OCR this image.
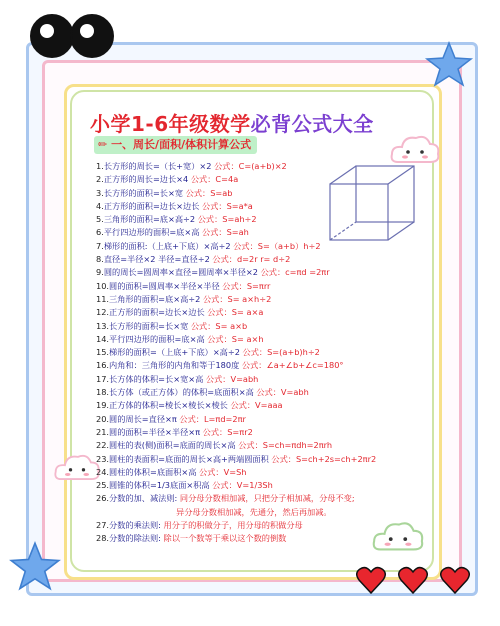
小学1-6年级数学必背公式大全
✏ 一、周长/面积/体积计算公式
1.长方形的周长=（长+宽）×2 公式：C=(a+b)×2
2.正方形的周长=边长×4 公式：C=4a
3.长方形的面积=长×宽 公式：S=ab
4.正方形的面积=边长×边长 公式：S=a*a
5.三角形的面积=底×高÷2 公式：S=ah÷2
6.平行四边形的面积=底×高 公式：S=ah
7.梯形的面积:（上底+下底）×高÷2 公式：S=（a+b）h÷2
8.直径=半径×2 半径=直径÷2 公式：d=2r r= d÷2
9.圆的周长=圆周率×直径=圆周率×半径×2 公式：c=πd =2πr
10.圆的面积=圆周率×半径×半径 公式：S=πrr
11.三角形的面积=底×高÷2 公式：S= a×h÷2
12.正方形的面积=边长×边长 公式：S= a×a
13.长方形的面积=长×宽 公式：S= a×b
14.平行四边形的面积=底×高 公式：S= a×h
15.梯形的面积=（上底+下底）×高÷2 公式：S=(a+b)h÷2
16.内角和：三角形的内角和等于180度 公式：∠a+∠b+∠c=180°
17.长方体的体积=长×宽×高 公式：V=abh
18.长方体（或正方体）的体积=底面积×高 公式：V=abh
19.正方体的体积=棱长×棱长×棱长 公式：V=aaa
20.圆的周长=直径×π 公式：L=πd=2πr
21.圆的面积=半径×半径×π 公式：S=πr2
22.圆柱的表(侧)面积=底面的周长×高 公式：S=ch=πdh=2πrh
23.圆柱的表面积=底面的周长×高+两端圆面积 公式：S=ch+2s=ch+2πr2
24.圆柱的体积=底面积×高 公式：V=Sh
25.圆锥的体积=1/3底面×积高 公式：V=1/3Sh
26.分数的加、减法则: 同分母分数相加减，只把分子相加减，分母不变;
异分母分数相加减，先通分，然后再加减。
27.分数的乘法则: 用分子的积做分子，用分母的积做分母
28.分数的除法则: 除以一个数等于乘以这个数的倒数
